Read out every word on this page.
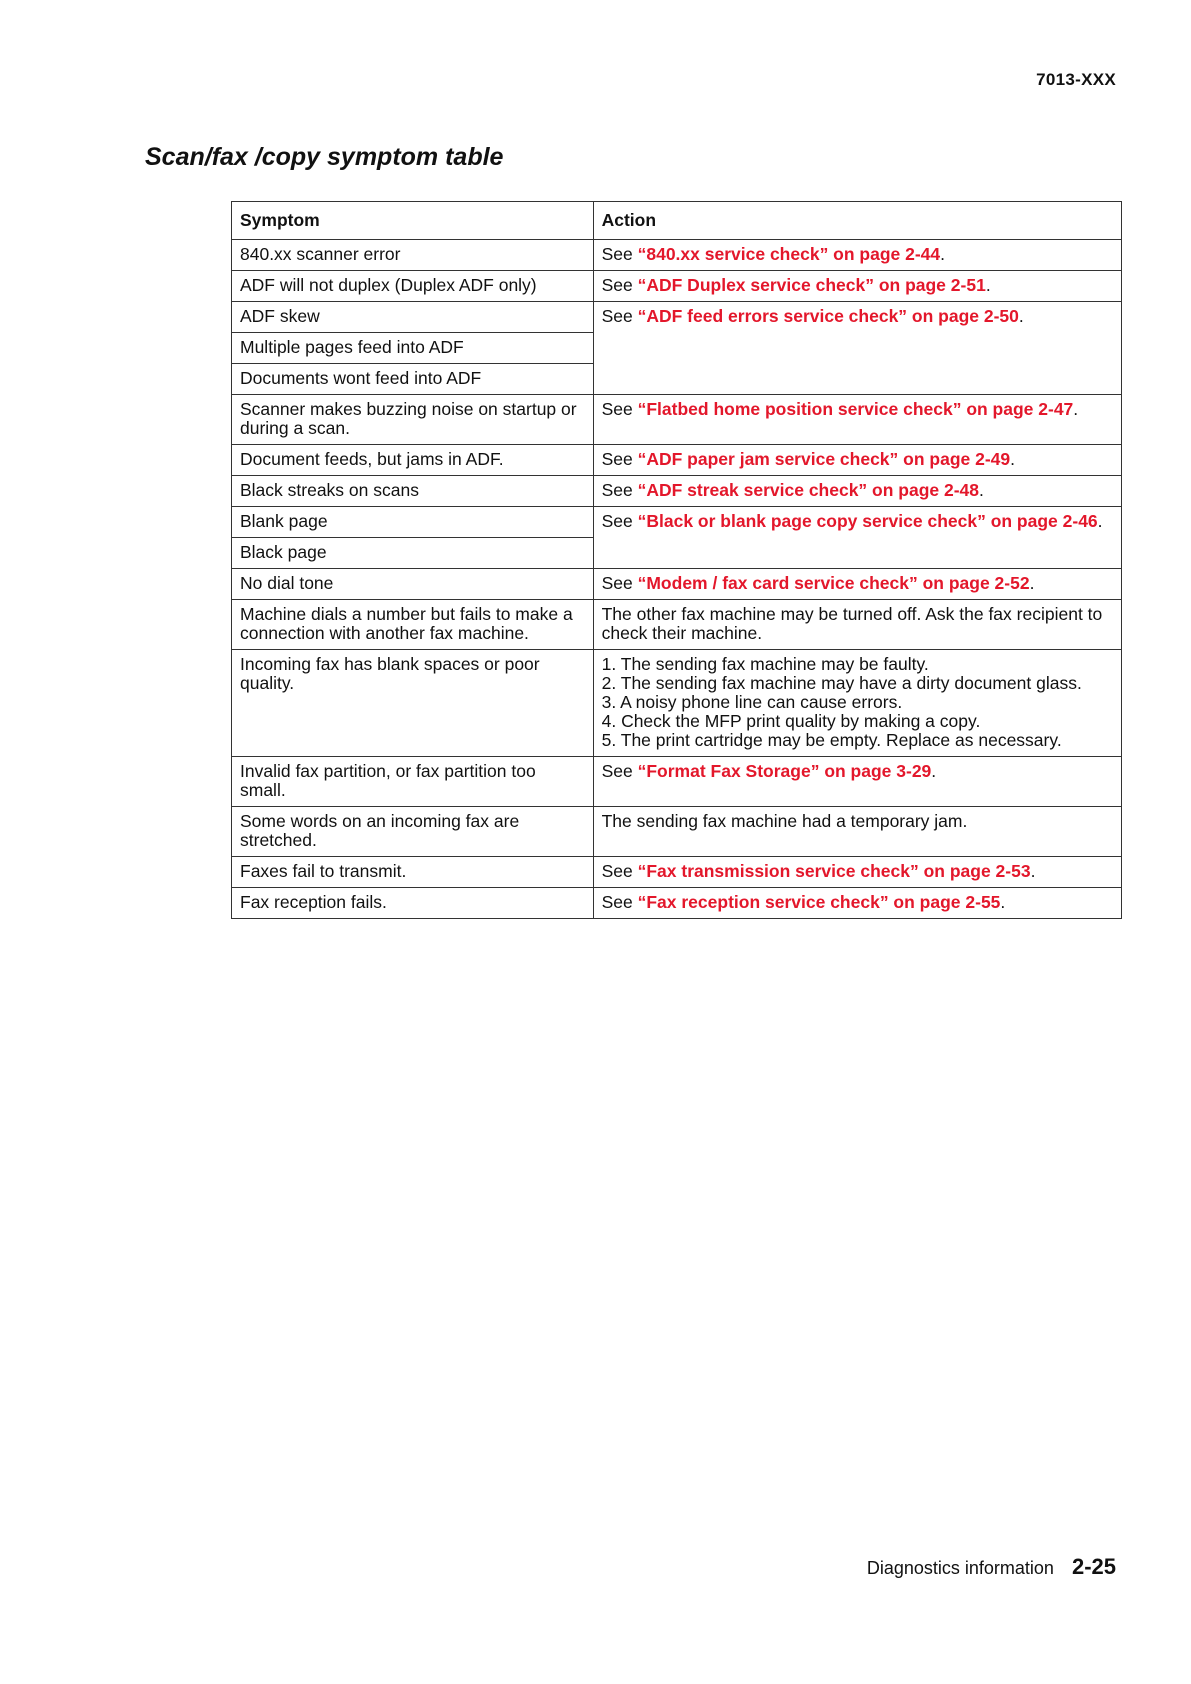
7013-XXX
Scan/fax /copy symptom table
Symptom	Action
840.xx scanner error	See “840.xx service check” on page 2-44.
ADF will not duplex (Duplex ADF only)	See “ADF Duplex service check” on page 2-51.
ADF skew	See “ADF feed errors service check” on page 2-50.
Multiple pages feed into ADF	
Documents wont feed into ADF	
Scanner makes buzzing noise on startup or during a scan.	See “Flatbed home position service check” on page 2-47.
Document feeds, but jams in ADF.	See “ADF paper jam service check” on page 2-49.
Black streaks on scans	See “ADF streak service check” on page 2-48.
Blank page	See “Black or blank page copy service check” on page 2-46.
Black page	
No dial tone	See “Modem / fax card service check” on page 2-52.
Machine dials a number but fails to make a connection with another fax machine.	The other fax machine may be turned off. Ask the fax recipient to check their machine.
Incoming fax has blank spaces or poor quality.	1. The sending fax machine may be faulty.
2. The sending fax machine may have a dirty document glass.
3. A noisy phone line can cause errors.
4. Check the MFP print quality by making a copy.
5. The print cartridge may be empty. Replace as necessary.

Invalid fax partition, or fax partition too small.	See “Format Fax Storage” on page 3-29.
Some words on an incoming fax are stretched.	The sending fax machine had a temporary jam.
Faxes fail to transmit.	See “Fax transmission service check” on page 2-53.
Fax reception fails.	See “Fax reception service check” on page 2-55.
Diagnostics information 2-25
